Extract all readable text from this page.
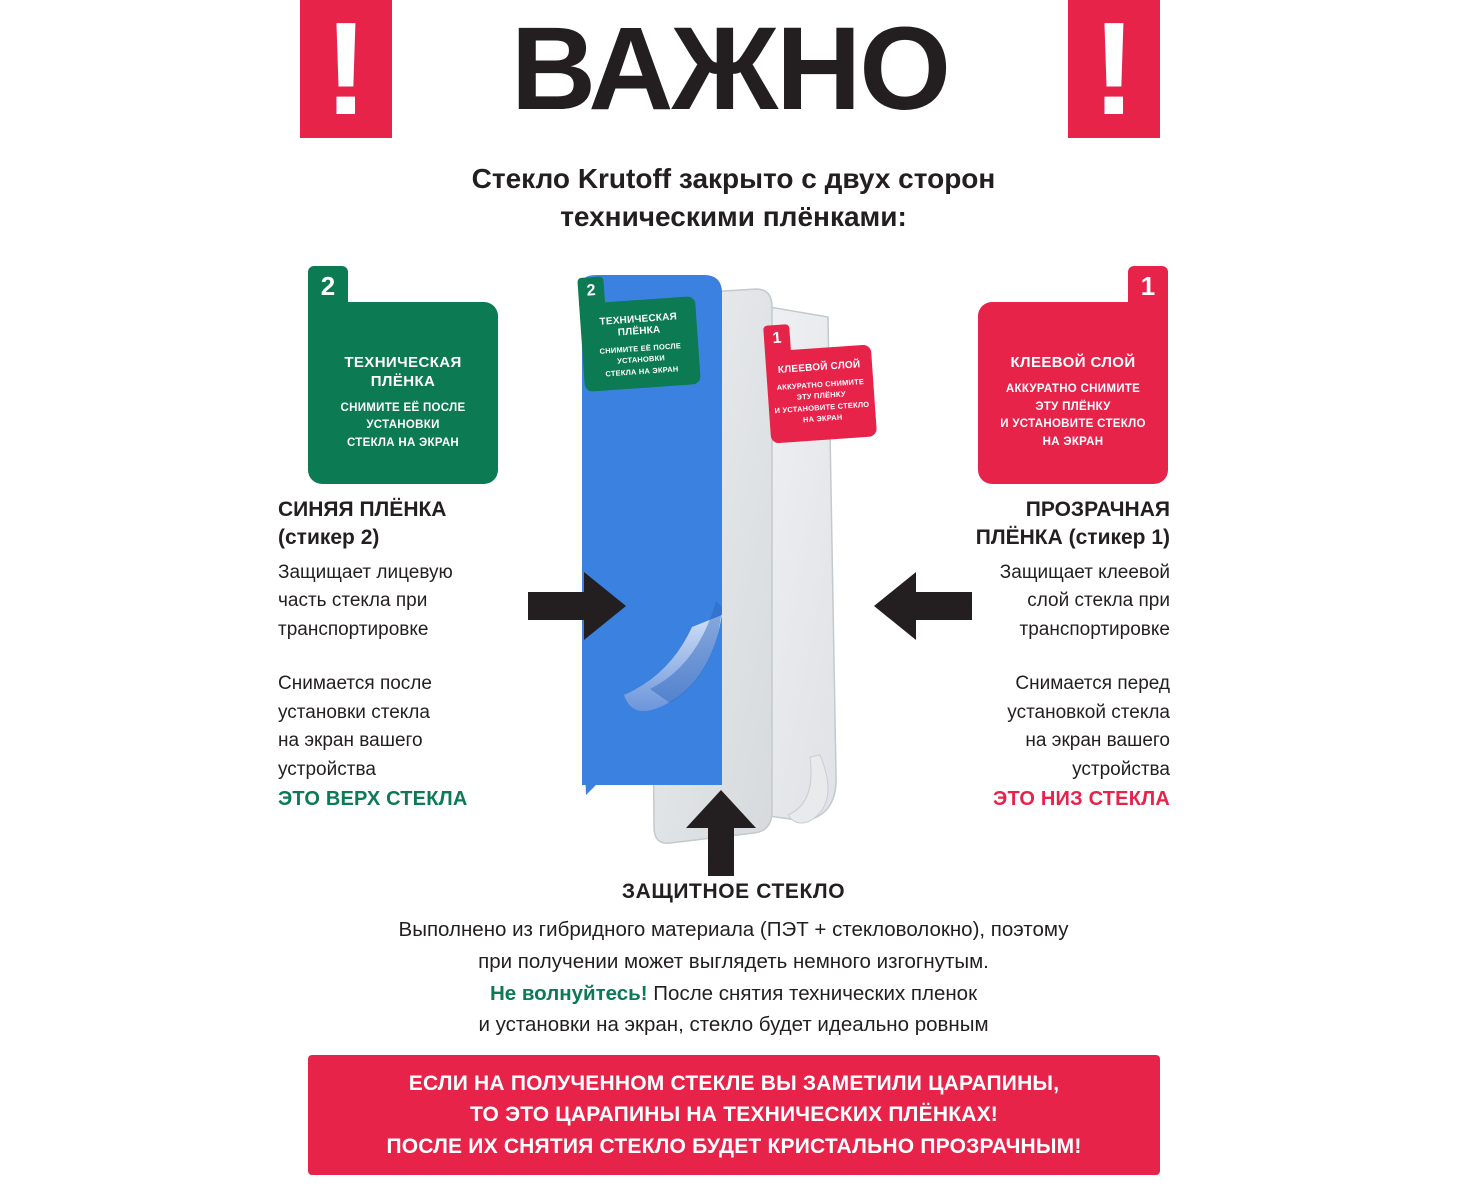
!	ВАЖНО	!
Стекло Krutoff закрыто с двух сторон
техническими плёнками:
2
ТЕХНИЧЕСКАЯ
ПЛЁНКА
СНИМИТЕ ЕЁ ПОСЛЕ
УСТАНОВКИ
СТЕКЛА НА ЭКРАН
1
КЛЕЕВОЙ СЛОЙ
АККУРАТНО СНИМИТЕ
ЭТУ ПЛЁНКУ
И УСТАНОВИТЕ СТЕКЛО
НА ЭКРАН
2
ТЕХНИЧЕСКАЯ
ПЛЁНКА
СНИМИТЕ ЕЁ ПОСЛЕ
УСТАНОВКИ
СТЕКЛА НА ЭКРАН
1
КЛЕЕВОЙ СЛОЙ
АККУРАТНО СНИМИТЕ
ЭТУ ПЛЁНКУ
И УСТАНОВИТЕ СТЕКЛО
НА ЭКРАН
СИНЯЯ ПЛЁНКА
(стикер 2)
Защищает лицевую
часть стекла при
транспортировке
Снимается после
установки стекла
на экран вашего
устройства
ЭТО ВЕРХ СТЕКЛА
ПРОЗРАЧНАЯ
ПЛЁНКА (стикер 1)
Защищает клеевой
слой стекла при
транспортировке
Снимается перед
установкой стекла
на экран вашего
устройства
ЭТО НИЗ СТЕКЛА
ЗАЩИТНОЕ СТЕКЛО
Выполнено из гибридного материала (ПЭТ + стекловолокно), поэтому
при получении может выглядеть немного изгогнутым.
Не волнуйтесь! После снятия технических пленок
и установки на экран, стекло будет идеально ровным
ЕСЛИ НА ПОЛУЧЕННОМ СТЕКЛЕ ВЫ ЗАМЕТИЛИ ЦАРАПИНЫ,
ТО ЭТО ЦАРАПИНЫ НА ТЕХНИЧЕСКИХ ПЛЁНКАХ!
ПОСЛЕ ИХ СНЯТИЯ СТЕКЛО БУДЕТ КРИСТАЛЬНО ПРОЗРАЧНЫМ!
